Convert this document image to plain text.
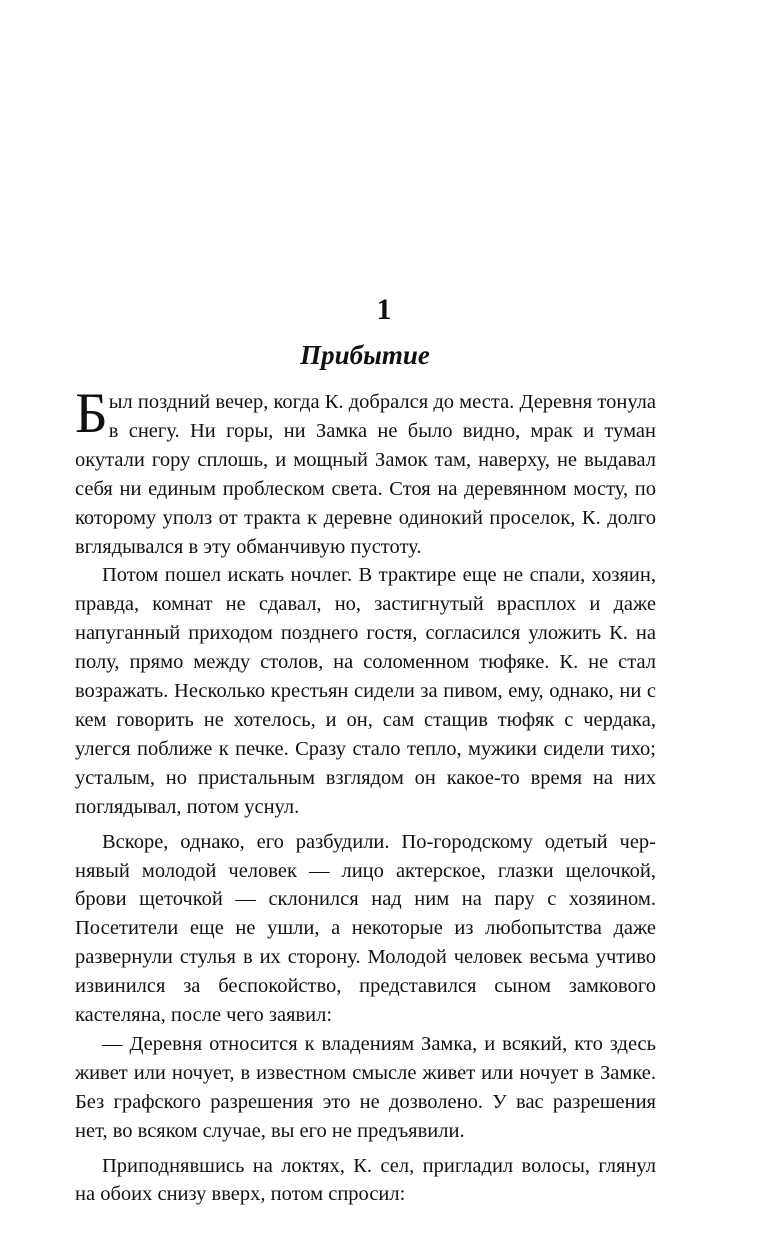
1
Прибытие

Был поздний вечер, когда К. добрался до места. Деревня тонула в снегу. Ни горы, ни Замка не было видно, мрак и туман окутали гору сплошь, и мощный Замок там, наверху, не выдавал себя ни единым проблеском света. Стоя на деревянном мосту, по которому уполз от тракта к деревне одинокий проселок, К. долго вглядывался в эту обманчивую пустоту.

Потом пошел искать ночлег. В трактире еще не спали, хозяин, правда, комнат не сдавал, но, застигнутый врасплох и даже напуганный приходом позднего гостя, согласился уложить К. на полу, прямо между столов, на соломенном тюфяке. К. не стал возражать. Несколько крестьян сидели за пивом, ему, однако, ни с кем говорить не хотелось, и он, сам стащив тюфяк с чердака, улегся поближе к печке. Сразу стало тепло, мужики сидели тихо; усталым, но пристальным взглядом он какое-то время на них поглядывал, потом уснул.

Вскоре, однако, его разбудили. По-городскому одетый чернявый молодой человек — лицо актерское, глазки щелочкой, брови щеточкой — склонился над ним на пару с хозяином. Посетители еще не ушли, а некоторые из любопытства даже развернули стулья в их сторону. Молодой человек весьма учтиво извинился за беспокойство, представился сыном замкового кастеляна, после чего заявил:

— Деревня относится к владениям Замка, и всякий, кто здесь живет или ночует, в известном смысле живет или ночует в Замке. Без графского разрешения это не дозволено. У вас разрешения нет, во всяком случае, вы его не предъявили.

Приподнявшись на локтях, К. сел, пригладил волосы, глянул на обоих снизу вверх, потом спросил:
